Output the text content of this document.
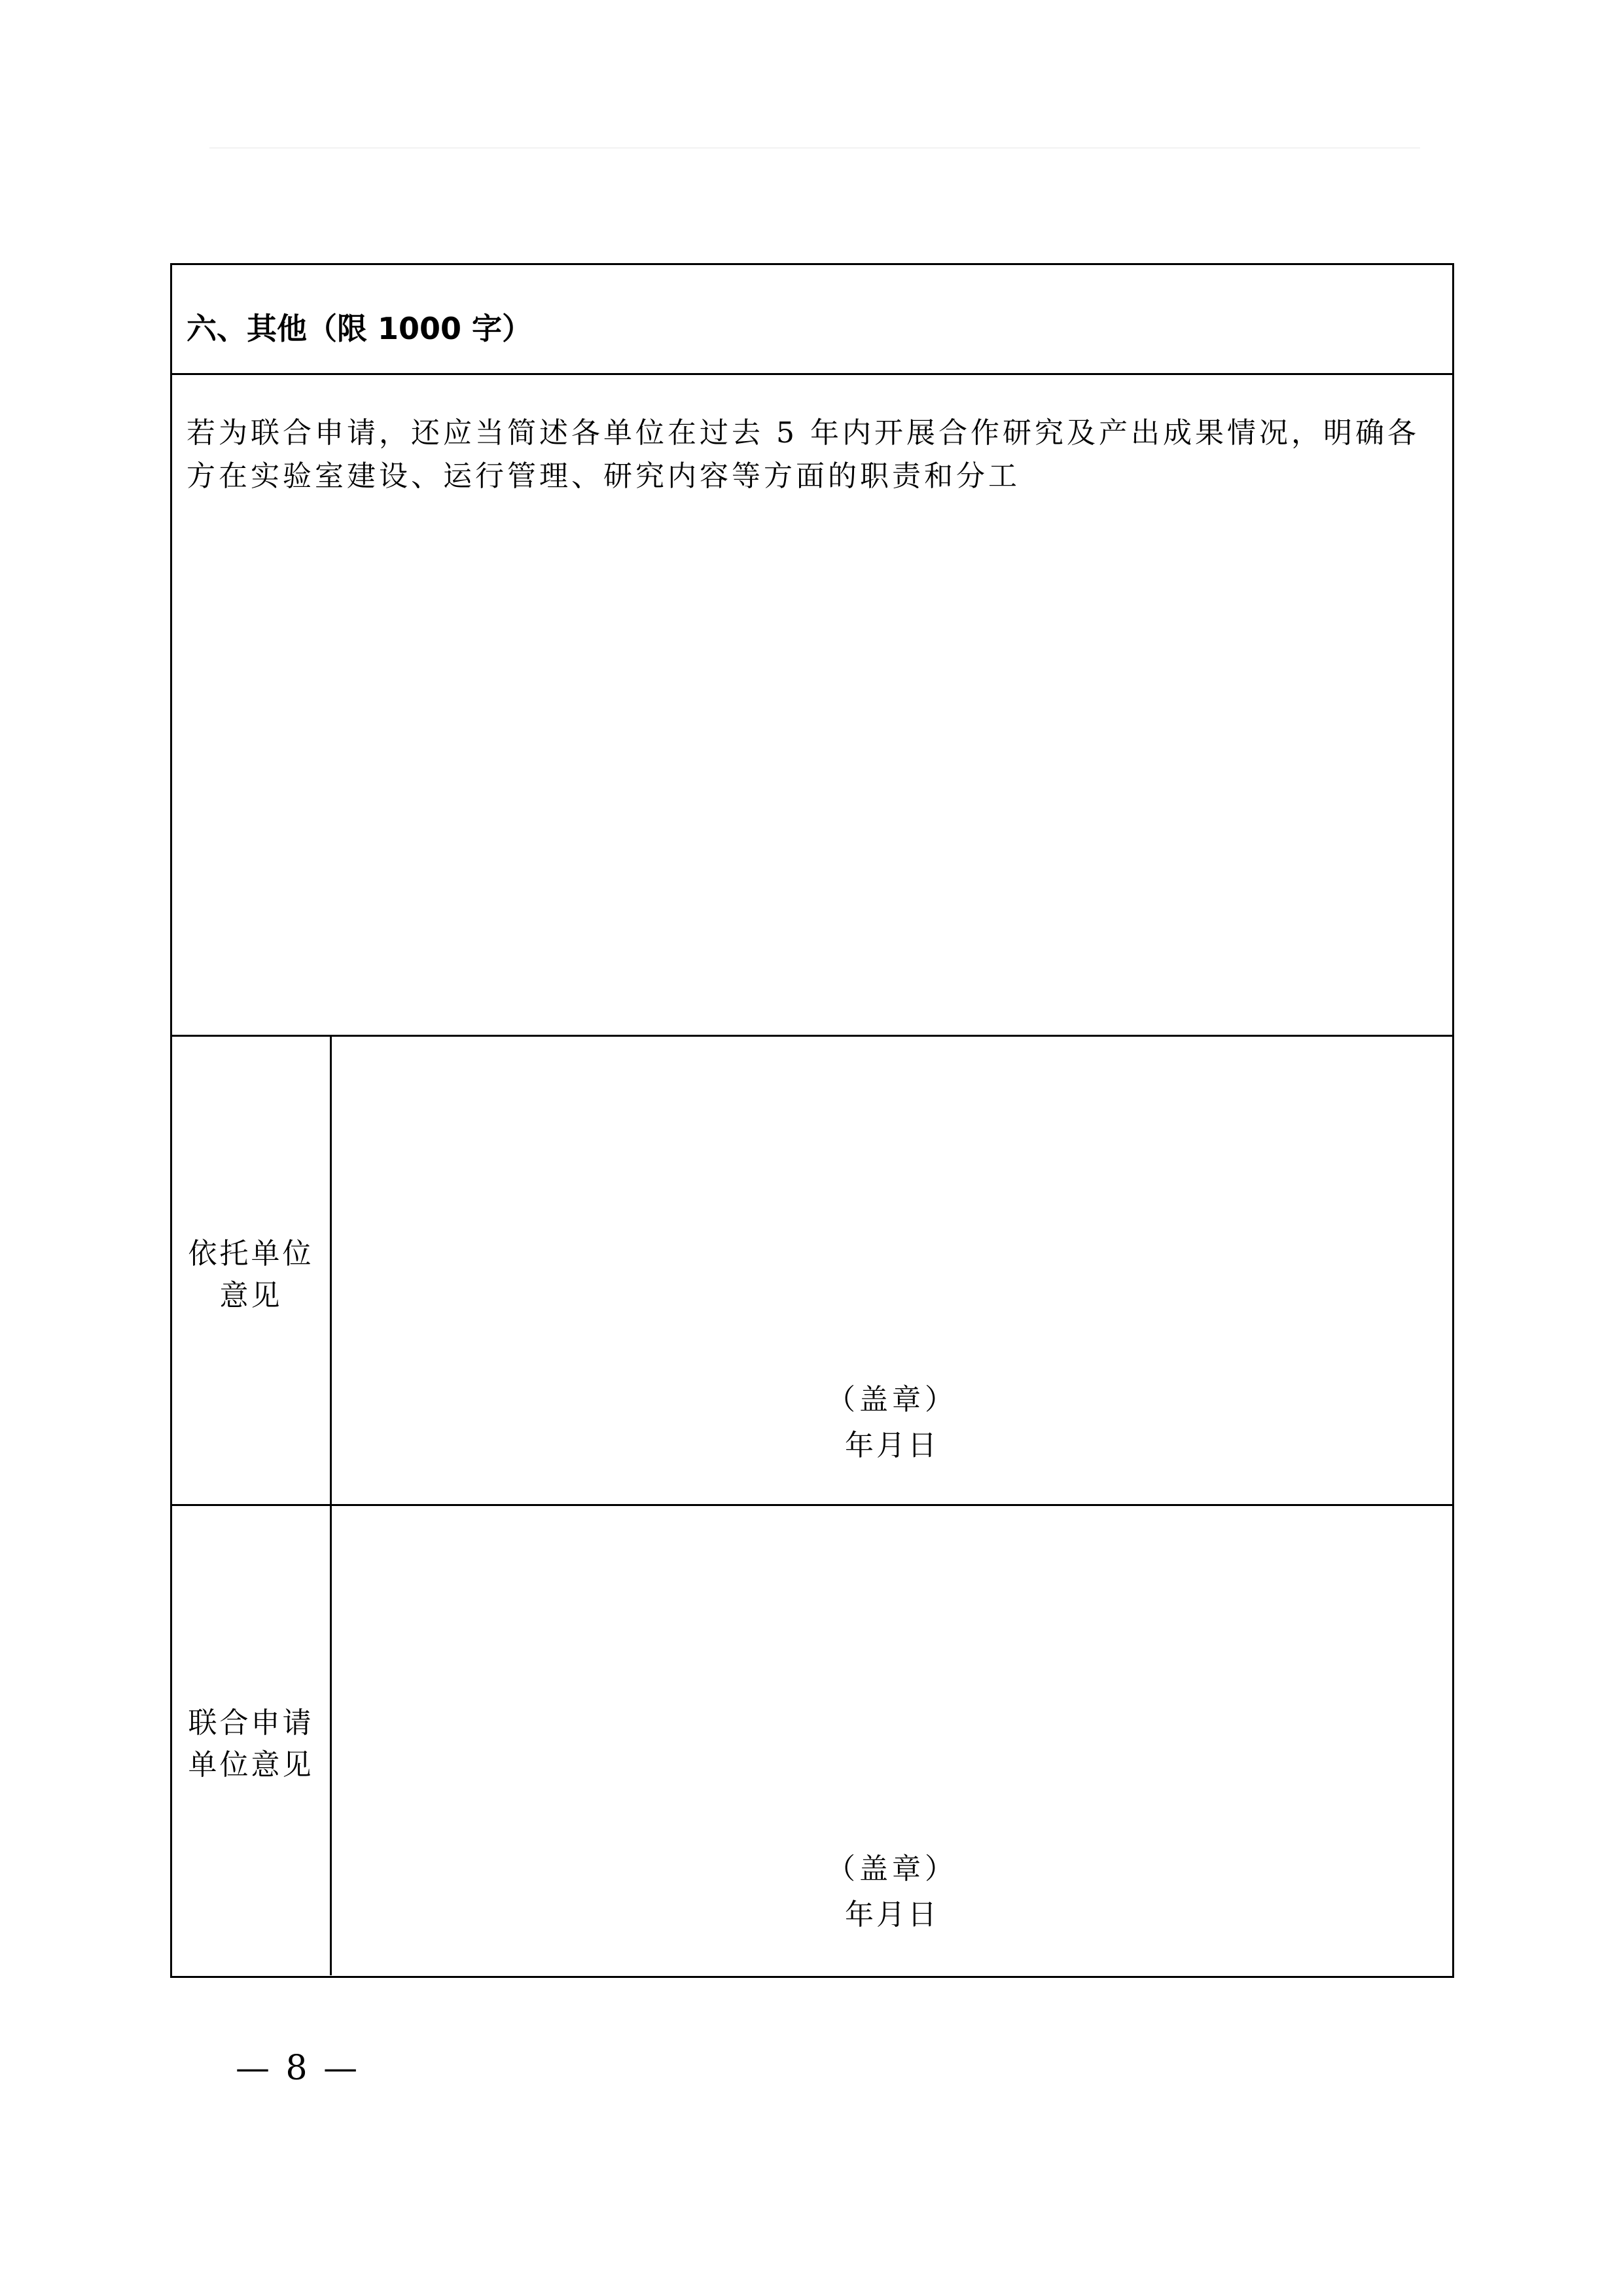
六、其他（限 1000 字）
若为联合申请，还应当简述各单位在过去 5 年内开展合作研究及产出成果情况，明确各方在实验室建设、运行管理、研究内容等方面的职责和分工
依托单位
意见
（盖章）
年月日
联合申请
单位意见
（盖章）
年月日
— 8 —
